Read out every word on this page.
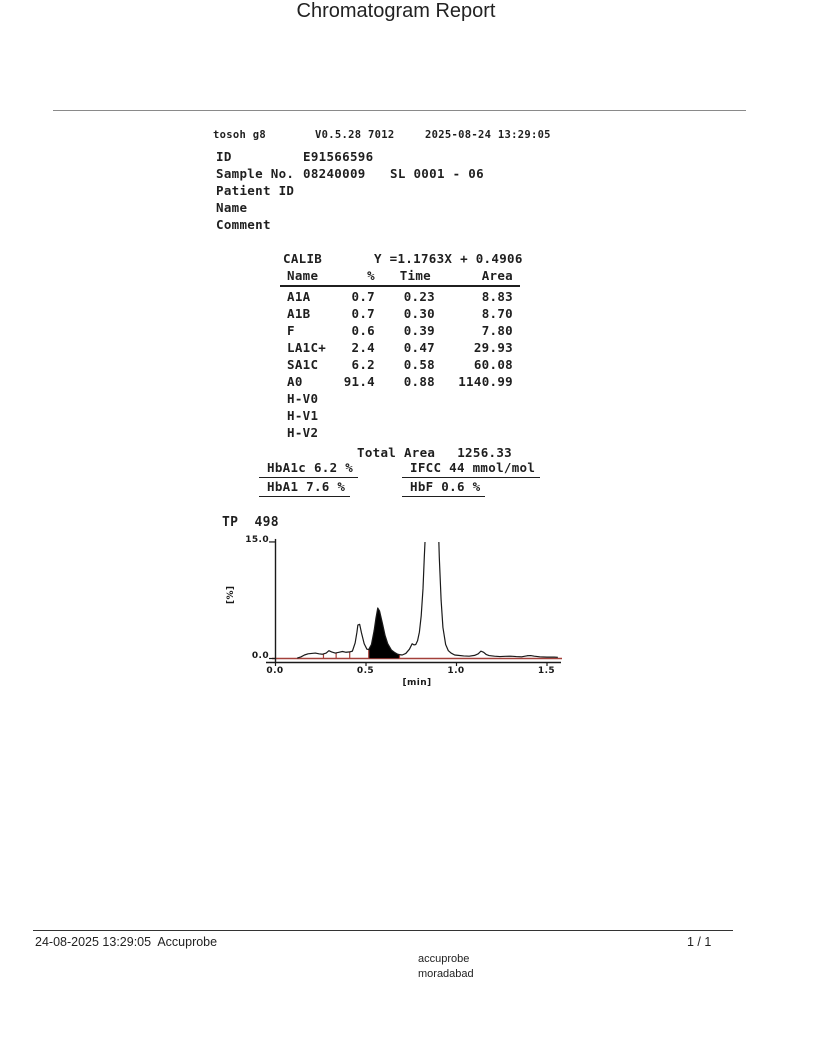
Chromatogram Report
tosoh g8	V0.5.28 7012	2025-08-24 13:29:05
ID	E91566596
Sample No. 08240009 SL 0001 - 06
Patient ID
Name
Comment
CALIB	Y =1.1763X + 0.4906
Name	%	Time	Area
A1A	0.7	0.23	8.83
A1B	0.7	0.30	8.70
F	0.6	0.39	7.80
LA1C+	2.4	0.47	29.93
SA1C	6.2	0.58	60.08
A0	91.4	0.88	1140.99
H-V0
H-V1
H-V2
Total Area	1256.33
HbA1c 6.2 %	IFCC 44 mmol/mol
HbA1 7.6 %	HbF 0.6 %
TP  498
15.0
0.0
[%]
0.0	0.5	1.0	1.5
[min]
24-08-2025 13:29:05  Accuprobe	1 / 1
accuprobe
moradabad
